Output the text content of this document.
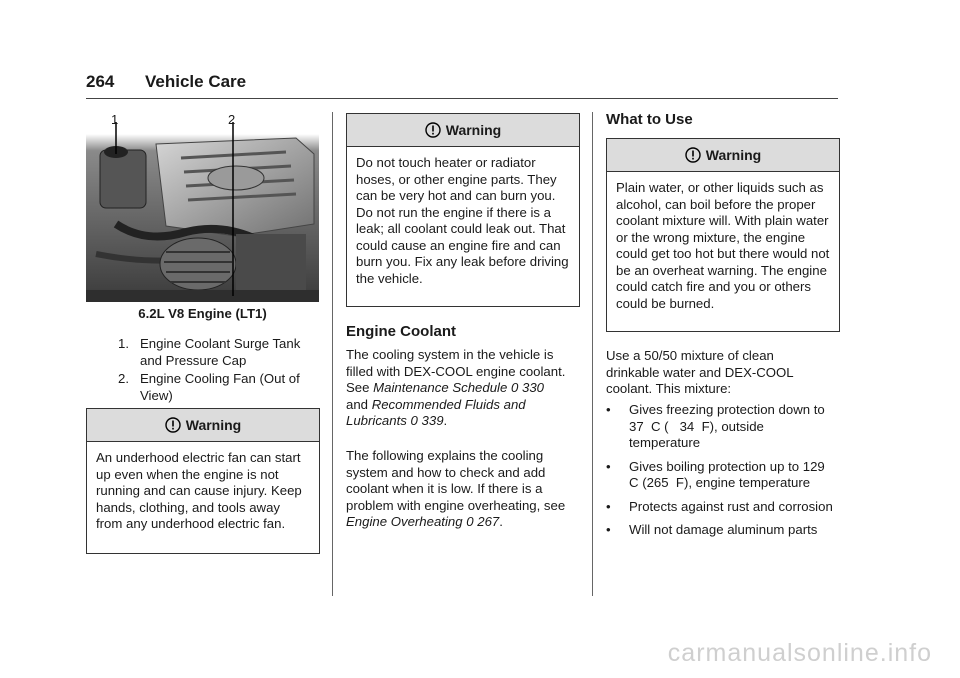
264 Vehicle Care
1	2
6.2L V8 Engine (LT1)
1. Engine Coolant Surge Tank and Pressure Cap
2. Engine Cooling Fan (Out of View)
Warning
An underhood electric fan can start up even when the engine is not running and can cause injury. Keep hands, clothing, and tools away from any underhood electric fan.
Warning
Do not touch heater or radiator hoses, or other engine parts. They can be very hot and can burn you. Do not run the engine if there is a leak; all coolant could leak out. That could cause an engine fire and can burn you. Fix any leak before driving the vehicle.
Engine Coolant
The cooling system in the vehicle is filled with DEX-COOL engine coolant.
See Maintenance Schedule 0 330
and Recommended Fluids and Lubricants 0 339.
The following explains the cooling system and how to check and add coolant when it is low. If there is a problem with engine overheating, see Engine Overheating 0 267.
What to Use
Warning
Plain water, or other liquids such as alcohol, can boil before the proper coolant mixture will. With plain water or the wrong mixture, the engine could get too hot but there would not be an overheat warning. The engine could catch fire and you or others could be burned.
Use a 50/50 mixture of clean drinkable water and DEX-COOL coolant. This mixture:
•	Gives freezing protection down to   37  C (   34  F), outside temperature
•	Gives boiling protection up to 129   C (265  F), engine temperature
•	Protects against rust and corrosion
•	Will not damage aluminum parts
carmanualsonline.info
